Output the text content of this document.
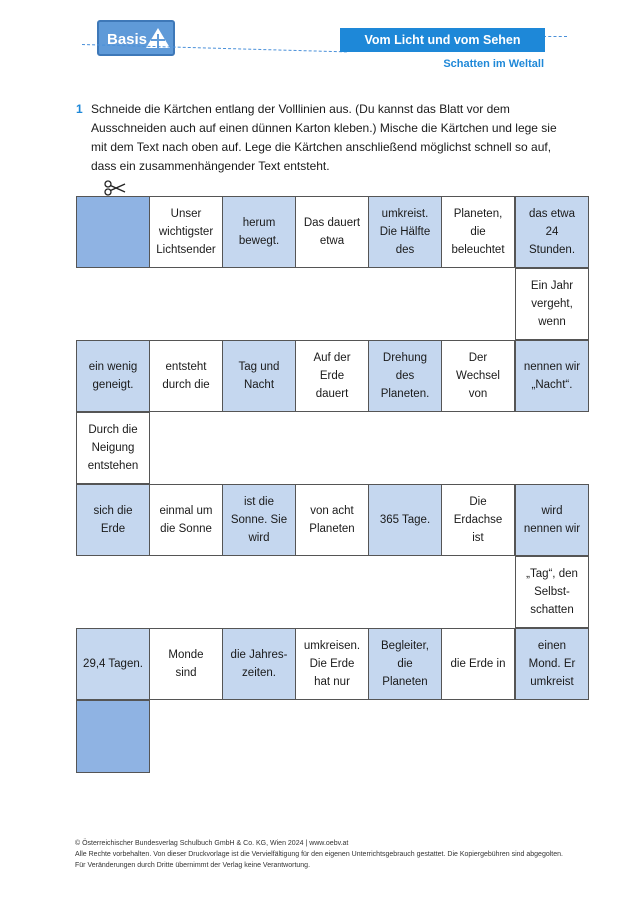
Basis	Vom Licht und vom Sehen
Schatten im Weltall
1 Schneide die Kärtchen entlang der Volllinien aus. (Du kannst das Blatt vor dem Ausschneiden auch auf einen dünnen Karton kleben.) Mische die Kärtchen und lege sie mit dem Text nach oben auf. Lege die Kärtchen anschließend möglichst schnell so auf, dass ein zusammenhängender Text entsteht.
Unser
wichtigster
Lichtsender
herum
bewegt.
Das dauert
etwa
umkreist.
Die Hälfte
des
Planeten,
die
beleuchtet
das etwa
24
Stunden.
Ein Jahr
vergeht,
wenn
ein wenig
geneigt.
entsteht
durch die
Tag und
Nacht
Auf der
Erde
dauert
Drehung
des
Planeten.
Der
Wechsel
von
nennen wir
„Nacht“.
Durch die
Neigung
entstehen
sich die
Erde
einmal um
die Sonne
ist die
Sonne. Sie
wird
von acht
Planeten
365 Tage.
Die
Erdachse
ist
wird
nennen wir
„Tag“, den
Selbst-
schatten
29,4 Tagen.
Monde
sind
die Jahres-
zeiten.
umkreisen.
Die Erde
hat nur
Begleiter,
die
Planeten
die Erde in
einen
Mond. Er
umkreist
© Österreichischer Bundesverlag Schulbuch GmbH & Co. KG, Wien 2024 | www.oebv.at
Alle Rechte vorbehalten. Von dieser Druckvorlage ist die Vervielfältigung für den eigenen Unterrichtsgebrauch gestattet. Die Kopiergebühren sind abgegolten.
Für Veränderungen durch Dritte übernimmt der Verlag keine Verantwortung.
